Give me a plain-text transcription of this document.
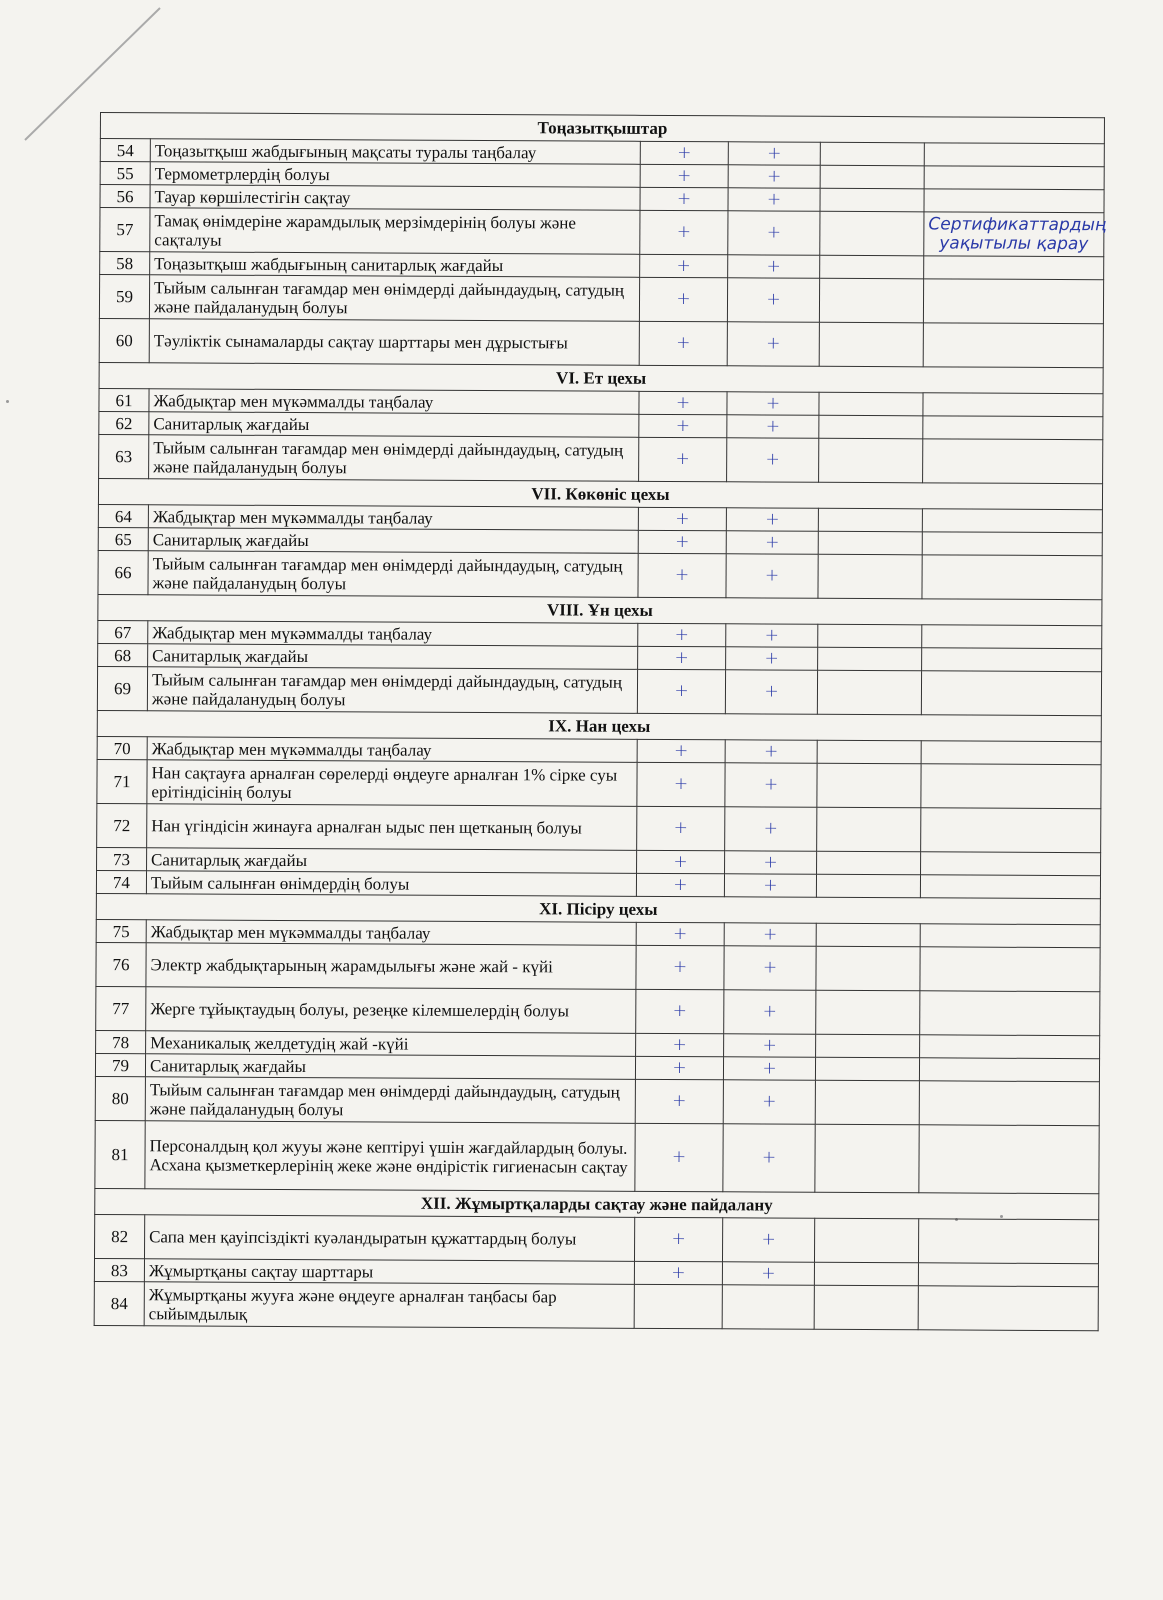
Тоңазытқыштар					
54	Тоңазытқыш жабдығының мақсаты туралы таңбалау	+	+		
55	Термометрлердің болуы	+	+		
56	Тауар көршілестігін сақтау	+	+		
57	Тамақ өнімдеріне жарамдылық мерзімдерінің болуы және сақталуы	+	+		Сертификаттардың уақытылы қарау
58	Тоңазытқыш жабдығының санитарлық жағдайы	+	+		
59	Тыйым салынған тағамдар мен өнімдерді дайындаудың, сатудың және пайдаланудың болуы	+	+		
60	Тәуліктік сынамаларды сақтау шарттары мен дұрыстығы	+	+		
VI. Ет цехы					
61	Жабдықтар мен мүкәммалды таңбалау	+	+		
62	Санитарлық жағдайы	+	+		
63	Тыйым салынған тағамдар мен өнімдерді дайындаудың, сатудың және пайдаланудың болуы	+	+		
VII. Көкөніс цехы					
64	Жабдықтар мен мүкәммалды таңбалау	+	+		
65	Санитарлық жағдайы	+	+		
66	Тыйым салынған тағамдар мен өнімдерді дайындаудың, сатудың және пайдаланудың болуы	+	+		
VIII. Ұн цехы					
67	Жабдықтар мен мүкәммалды таңбалау	+	+		
68	Санитарлық жағдайы	+	+		
69	Тыйым салынған тағамдар мен өнімдерді дайындаудың, сатудың және пайдаланудың болуы	+	+		
IX. Нан цехы					
70	Жабдықтар мен мүкәммалды таңбалау	+	+		
71	Нан сақтауға арналған сөрелерді өңдеуге арналған 1% сірке суы ерітіндісінің болуы	+	+		
72	Нан үгіндісін жинауға арналған ыдыс пен щетканың болуы	+	+		
73	Санитарлық жағдайы	+	+		
74	Тыйым салынған өнімдердің болуы	+	+		
XI. Пісіру цехы					
75	Жабдықтар мен мүкәммалды таңбалау	+	+		
76	Электр жабдықтарының жарамдылығы және жай - күйі	+	+		
77	Жерге тұйықтаудың болуы, резеңке кілемшелердің болуы	+	+		
78	Механикалық желдетудің жай -күйі	+	+		
79	Санитарлық жағдайы	+	+		
80	Тыйым салынған тағамдар мен өнімдерді дайындаудың, сатудың және пайдаланудың болуы	+	+		
81	Персоналдың қол жууы және кептіруі үшін жағдайлардың болуы. Асхана қызметкерлерінің жеке және өндірістік гигиенасын сақтау	+	+		
XII. Жұмыртқаларды сақтау және пайдалану					
82	Сапа мен қауіпсіздікті куәландыратын құжаттардың болуы	+	+		
83	Жұмыртқаны сақтау шарттары	+	+		
84	Жұмыртқаны жууға және өңдеуге арналған таңбасы бар сыйымдылық				
